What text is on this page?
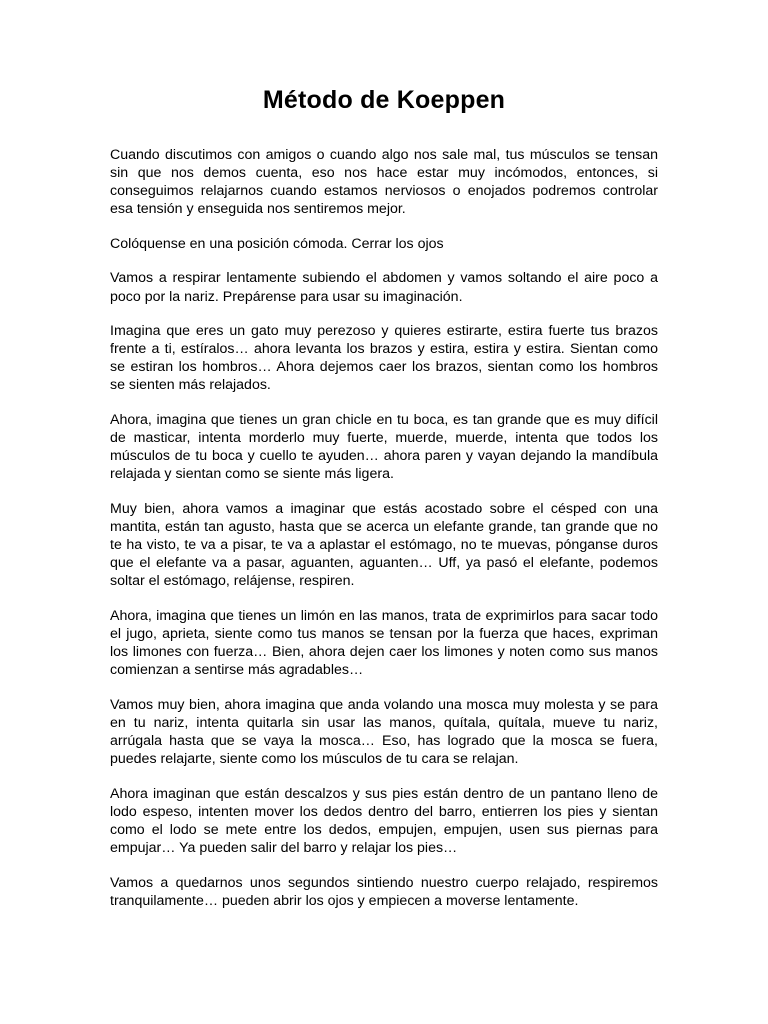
Método de Koeppen

Cuando discutimos con amigos o cuando algo nos sale mal, tus músculos se tensan sin que nos demos cuenta, eso nos hace estar muy incómodos, entonces, si conseguimos relajarnos cuando estamos nerviosos o enojados podremos controlar esa tensión y enseguida nos sentiremos mejor.

Colóquense en una posición cómoda. Cerrar los ojos

Vamos a respirar lentamente subiendo el abdomen y vamos soltando el aire poco a poco por la nariz. Prepárense para usar su imaginación.

Imagina que eres un gato muy perezoso y quieres estirarte, estira fuerte tus brazos frente a ti, estíralos… ahora levanta los brazos y estira, estira y estira. Sientan como se estiran los hombros… Ahora dejemos caer los brazos, sientan como los hombros se sienten más relajados.

Ahora, imagina que tienes un gran chicle en tu boca, es tan grande que es muy difícil de masticar, intenta morderlo muy fuerte, muerde, muerde, intenta que todos los músculos de tu boca y cuello te ayuden… ahora paren y vayan dejando la mandíbula relajada y sientan como se siente más ligera.

Muy bien, ahora vamos a imaginar que estás acostado sobre el césped con una mantita, están tan agusto, hasta que se acerca un elefante grande, tan grande que no te ha visto, te va a pisar, te va a aplastar el estómago, no te muevas, pónganse duros que el elefante va a pasar, aguanten, aguanten… Uff, ya pasó el elefante, podemos soltar el estómago, relájense, respiren.

Ahora, imagina que tienes un limón en las manos, trata de exprimirlos para sacar todo el jugo, aprieta, siente como tus manos se tensan por la fuerza que haces, expriman los limones con fuerza… Bien, ahora dejen caer los limones y noten como sus manos comienzan a sentirse más agradables…

Vamos muy bien, ahora imagina que anda volando una mosca muy molesta y se para en tu nariz, intenta quitarla sin usar las manos, quítala, quítala, mueve tu nariz, arrúgala hasta que se vaya la mosca… Eso, has logrado que la mosca se fuera, puedes relajarte, siente como los músculos de tu cara se relajan.

Ahora imaginan que están descalzos y sus pies están dentro de un pantano lleno de lodo espeso, intenten mover los dedos dentro del barro, entierren los pies y sientan como el lodo se mete entre los dedos, empujen, empujen, usen sus piernas para empujar… Ya pueden salir del barro y relajar los pies…

Vamos a quedarnos unos segundos sintiendo nuestro cuerpo relajado, respiremos tranquilamente… pueden abrir los ojos y empiecen a moverse lentamente.
